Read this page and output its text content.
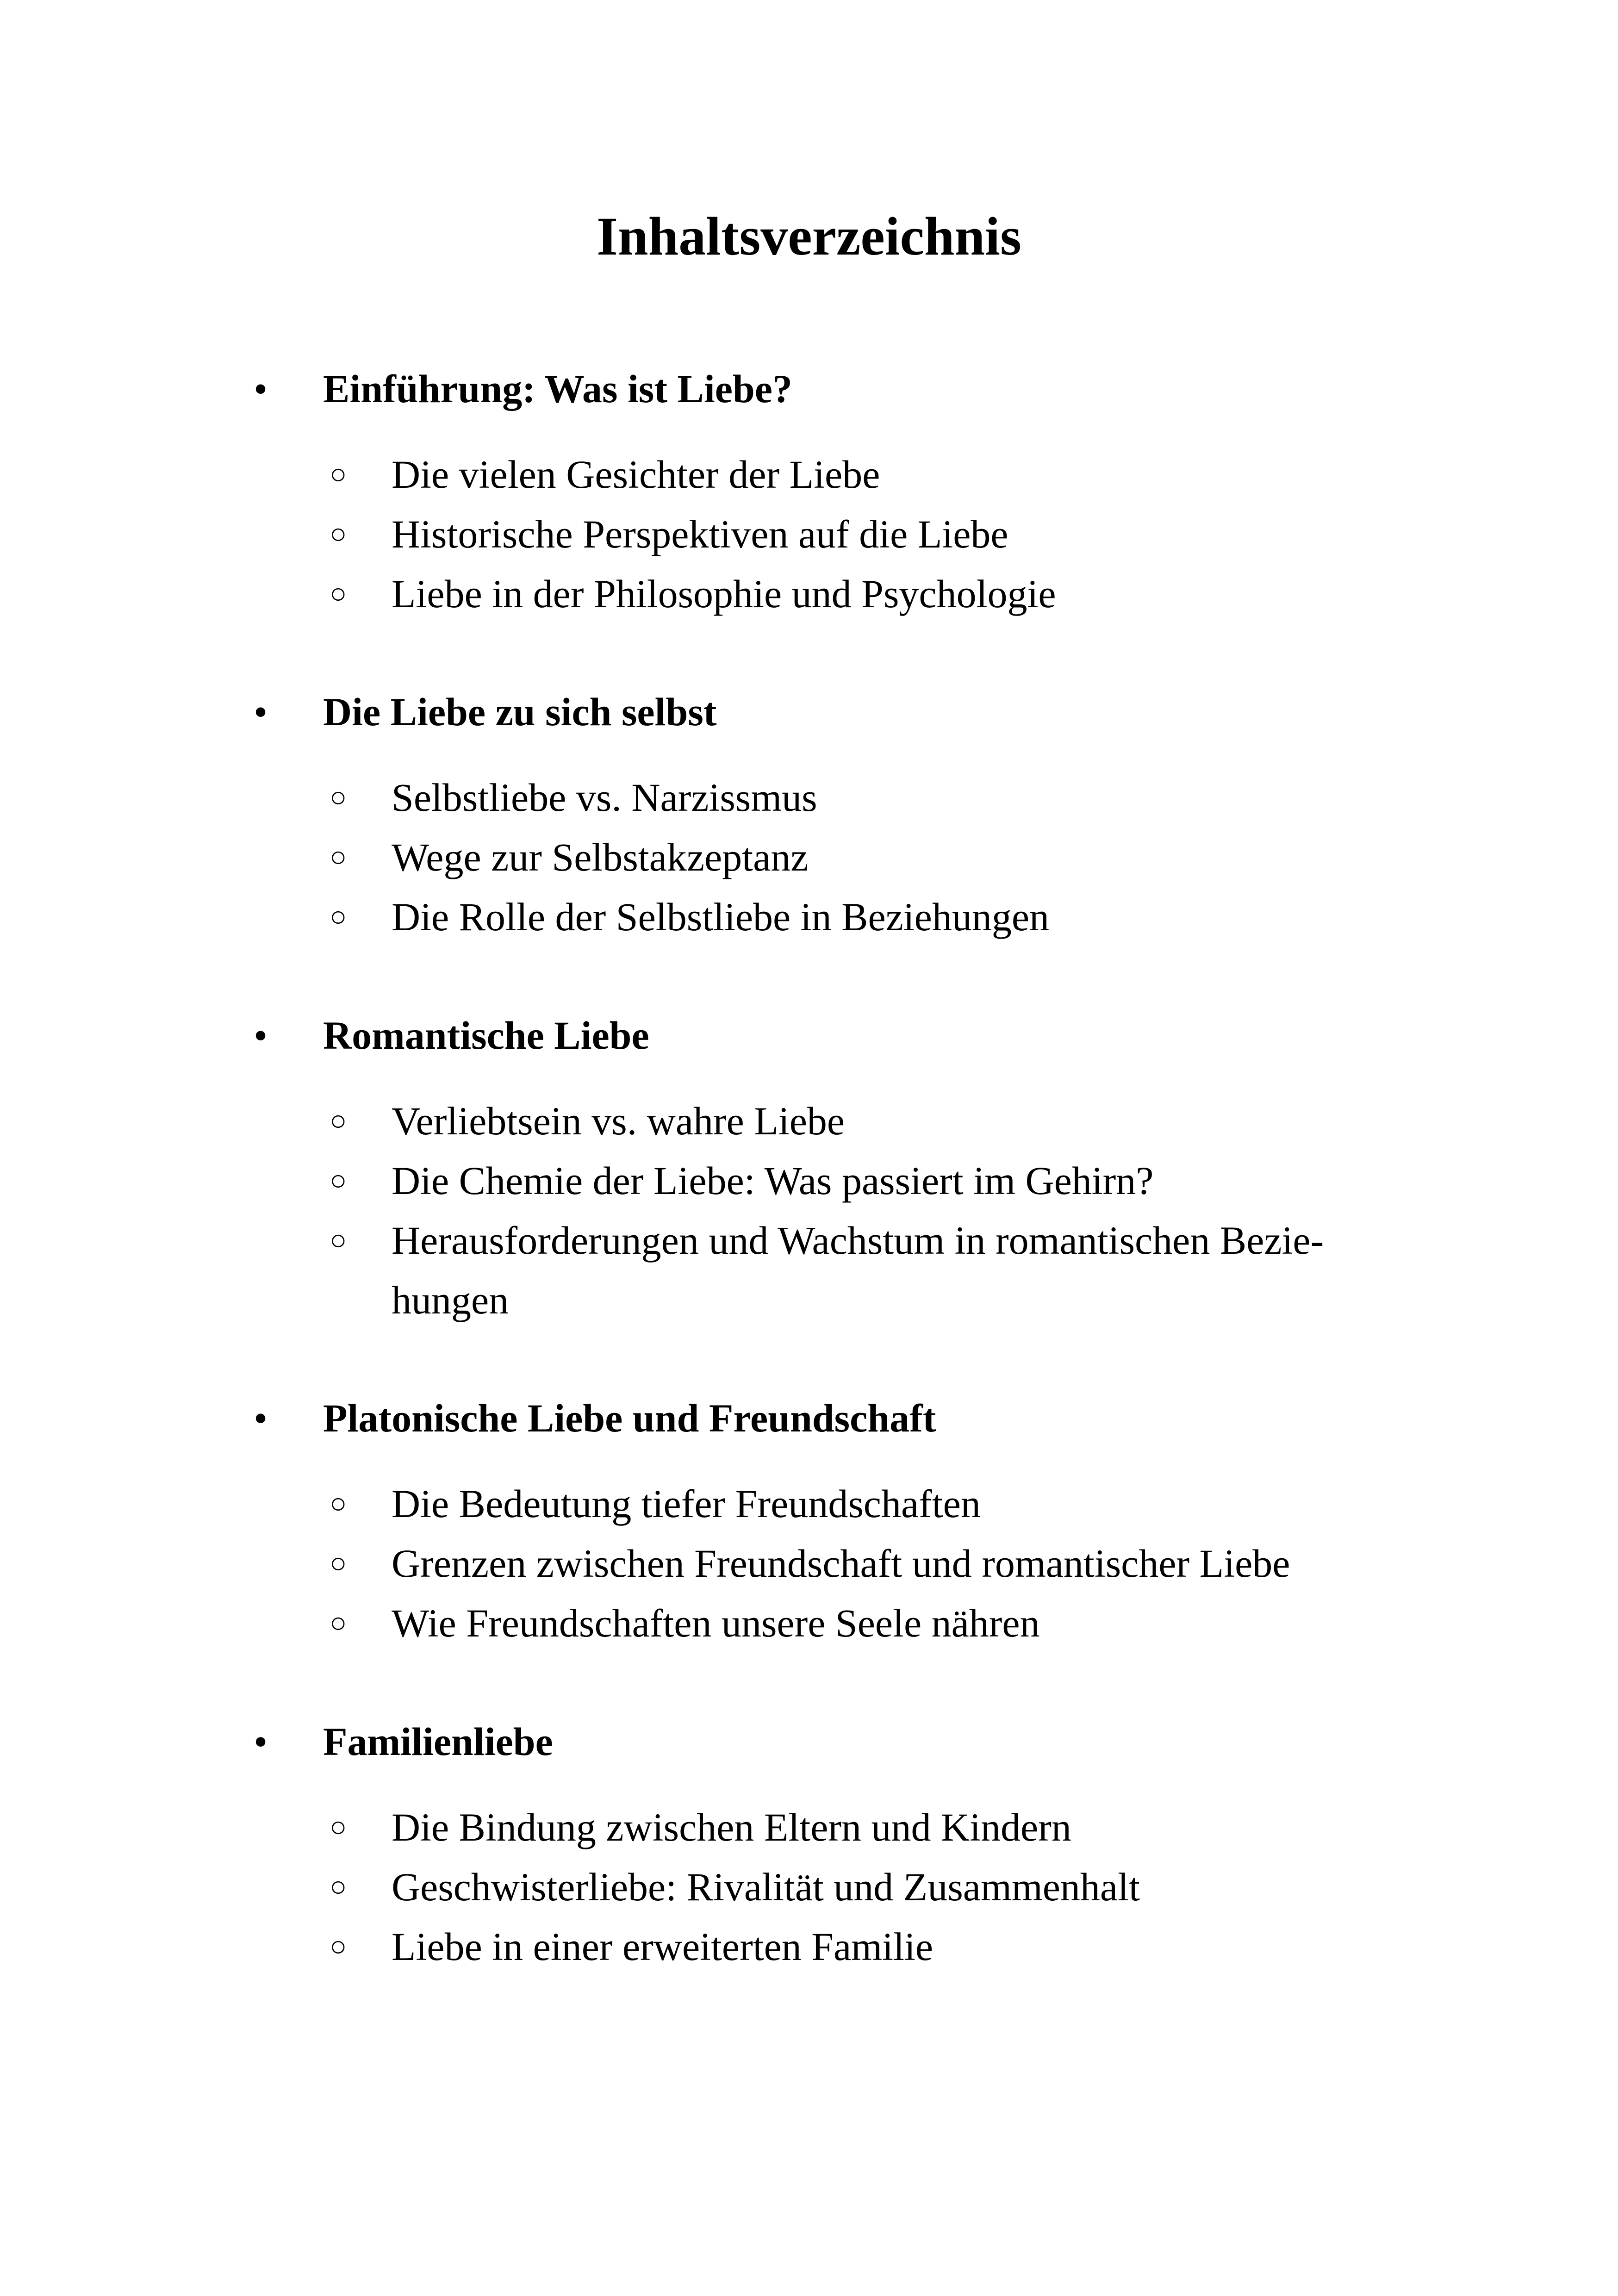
Inhaltsverzeichnis
• Einführung: Was ist Liebe?
○ Die vielen Gesichter der Liebe
○ Historische Perspektiven auf die Liebe
○ Liebe in der Philosophie und Psychologie
• Die Liebe zu sich selbst
○ Selbstliebe vs. Narzissmus
○ Wege zur Selbstakzeptanz
○ Die Rolle der Selbstliebe in Beziehungen
• Romantische Liebe
○ Verliebtsein vs. wahre Liebe
○ Die Chemie der Liebe: Was passiert im Gehirn?
○ Herausforderungen und Wachstum in romantischen Bezie-
hungen
• Platonische Liebe und Freundschaft
○ Die Bedeutung tiefer Freundschaften
○ Grenzen zwischen Freundschaft und romantischer Liebe
○ Wie Freundschaften unsere Seele nähren
• Familienliebe
○ Die Bindung zwischen Eltern und Kindern
○ Geschwisterliebe: Rivalität und Zusammenhalt
○ Liebe in einer erweiterten Familie
